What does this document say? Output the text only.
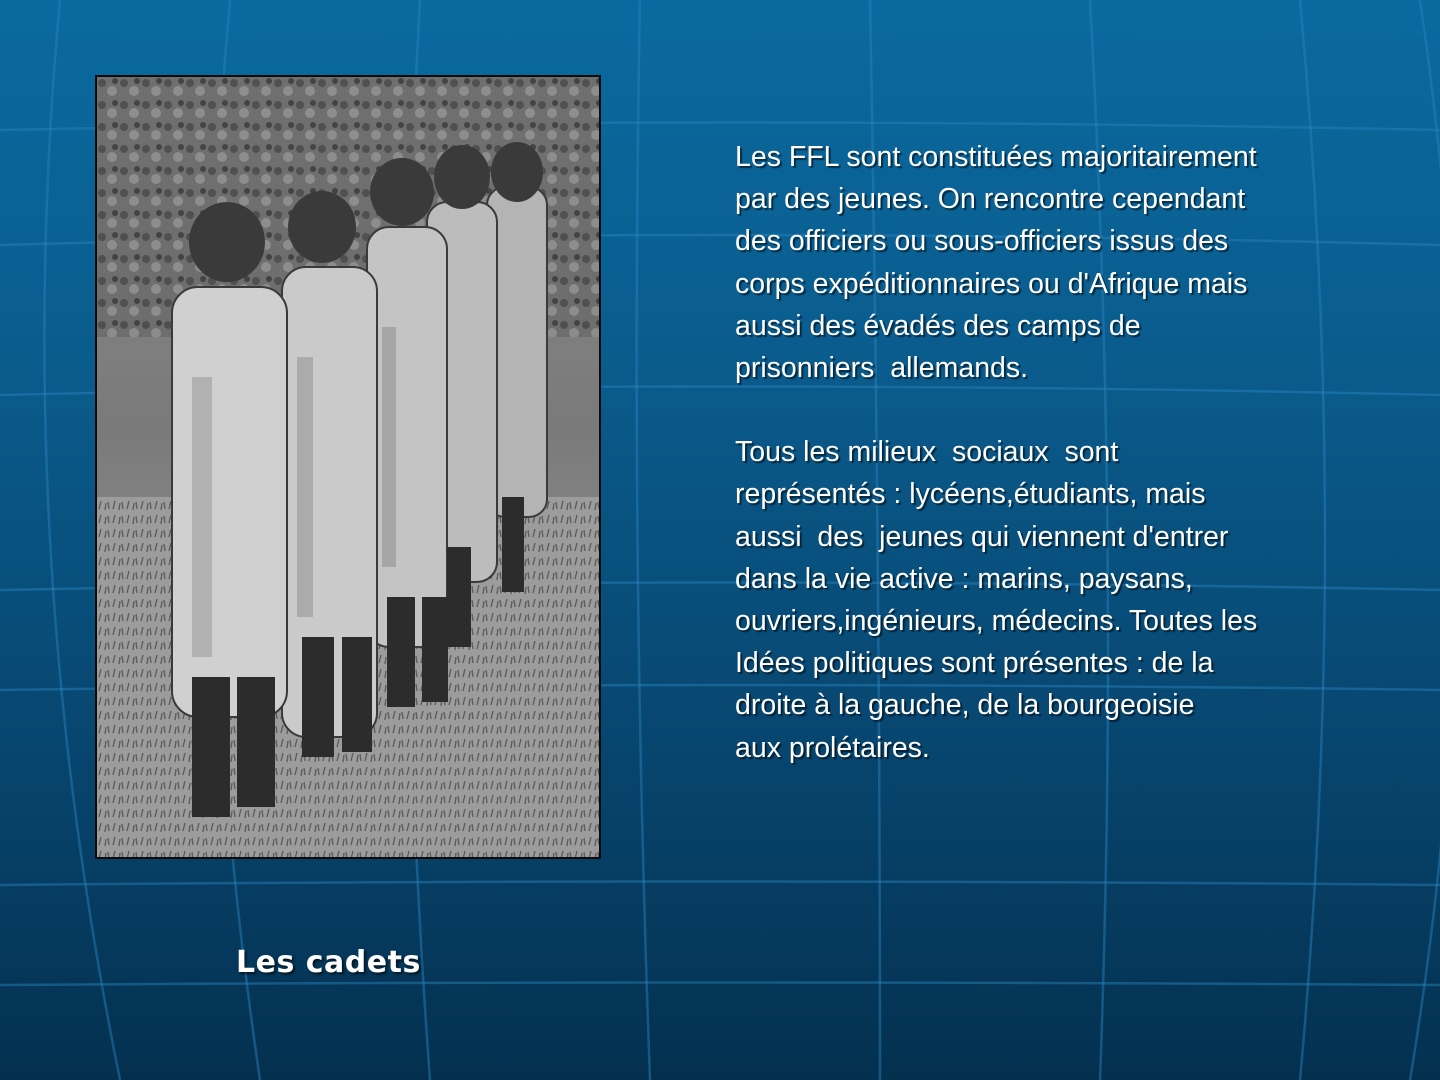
Les FFL sont constituées majoritairement
par des jeunes. On rencontre cependant
des officiers ou sous-officiers issus des
corps expéditionnaires ou d'Afrique mais
aussi des évadés des camps de
prisonniers  allemands.
Tous les milieux  sociaux  sont
représentés : lycéens,étudiants, mais
aussi  des  jeunes qui viennent d'entrer
dans la vie active : marins, paysans,
ouvriers,ingénieurs, médecins. Toutes les
Idées politiques sont présentes : de la
droite à la gauche, de la bourgeoisie
aux prolétaires.
Les cadets
